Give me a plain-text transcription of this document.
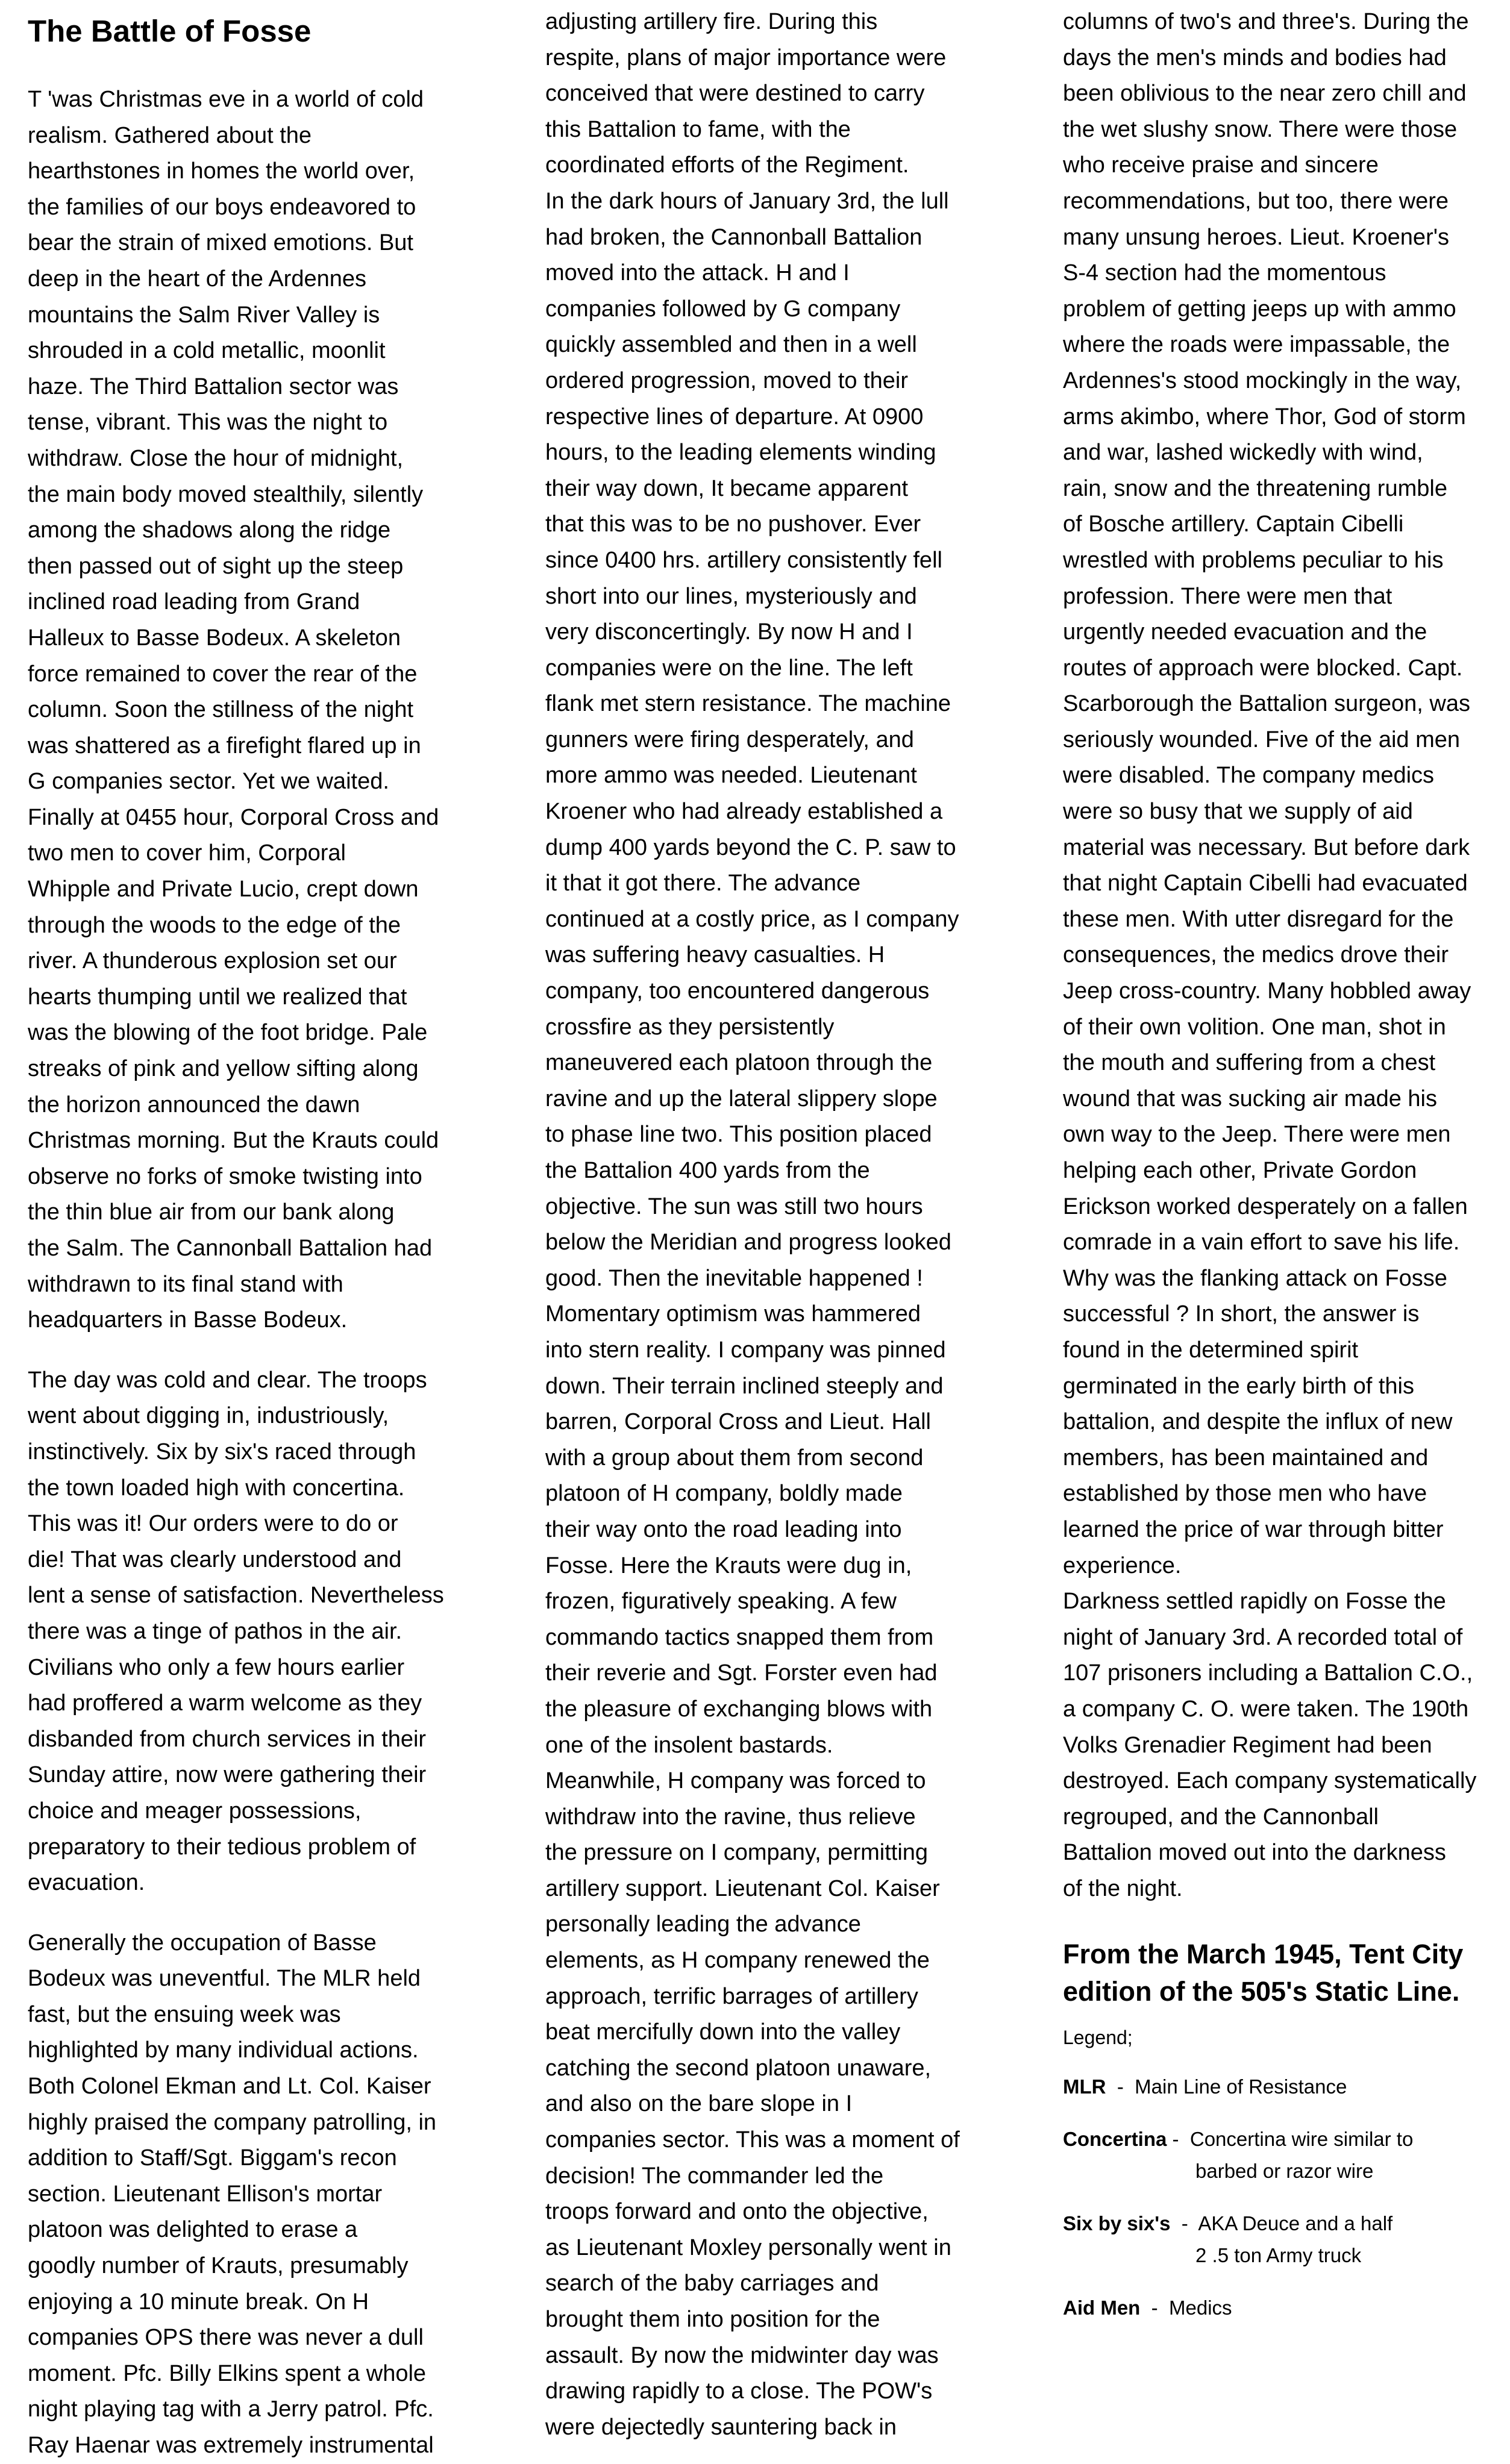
The Battle of Fosse
T 'was Christmas eve in a world of cold
realism. Gathered about the
hearthstones in homes the world over,
the families of our boys endeavored to
bear the strain of mixed emotions. But
deep in the heart of the Ardennes
mountains the Salm River Valley is
shrouded in a cold metallic, moonlit
haze. The Third Battalion sector was
tense, vibrant. This was the night to
withdraw. Close the hour of midnight,
the main body moved stealthily, silently
among the shadows along the ridge
then passed out of sight up the steep
inclined road leading from Grand
Halleux to Basse Bodeux. A skeleton
force remained to cover the rear of the
column. Soon the stillness of the night
was shattered as a firefight flared up in
G companies sector. Yet we waited.
Finally at 0455 hour, Corporal Cross and
two men to cover him, Corporal
Whipple and Private Lucio, crept down
through the woods to the edge of the
river. A thunderous explosion set our
hearts thumping until we realized that
was the blowing of the foot bridge. Pale
streaks of pink and yellow sifting along
the horizon announced the dawn
Christmas morning. But the Krauts could
observe no forks of smoke twisting into
the thin blue air from our bank along
the Salm. The Cannonball Battalion had
withdrawn to its final stand with
headquarters in Basse Bodeux.
The day was cold and clear. The troops
went about digging in, industriously,
instinctively. Six by six's raced through
the town loaded high with concertina.
This was it! Our orders were to do or
die! That was clearly understood and
lent a sense of satisfaction. Nevertheless
there was a tinge of pathos in the air.
Civilians who only a few hours earlier
had proffered a warm welcome as they
disbanded from church services in their
Sunday attire, now were gathering their
choice and meager possessions,
preparatory to their tedious problem of
evacuation.
Generally the occupation of Basse
Bodeux was uneventful. The MLR held
fast, but the ensuing week was
highlighted by many individual actions.
Both Colonel Ekman and Lt. Col. Kaiser
highly praised the company patrolling, in
addition to Staff/Sgt. Biggam's recon
section. Lieutenant Ellison's mortar
platoon was delighted to erase a
goodly number of Krauts, presumably
enjoying a 10 minute break. On H
companies OPS there was never a dull
moment. Pfc. Billy Elkins spent a whole
night playing tag with a Jerry patrol. Pfc.
Ray Haenar was extremely instrumental
adjusting artillery fire. During this
respite, plans of major importance were
conceived that were destined to carry
this Battalion to fame, with the
coordinated efforts of the Regiment.
In the dark hours of January 3rd, the lull
had broken, the Cannonball Battalion
moved into the attack. H and I
companies followed by G company
quickly assembled and then in a well
ordered progression, moved to their
respective lines of departure. At 0900
hours, to the leading elements winding
their way down, It became apparent
that this was to be no pushover. Ever
since 0400 hrs. artillery consistently fell
short into our lines, mysteriously and
very disconcertingly. By now H and I
companies were on the line. The left
flank met stern resistance. The machine
gunners were firing desperately, and
more ammo was needed. Lieutenant
Kroener who had already established a
dump 400 yards beyond the C. P. saw to
it that it got there. The advance
continued at a costly price, as I company
was suffering heavy casualties. H
company, too encountered dangerous
crossfire as they persistently
maneuvered each platoon through the
ravine and up the lateral slippery slope
to phase line two. This position placed
the Battalion 400 yards from the
objective. The sun was still two hours
below the Meridian and progress looked
good. Then the inevitable happened !
Momentary optimism was hammered
into stern reality. I company was pinned
down. Their terrain inclined steeply and
barren, Corporal Cross and Lieut. Hall
with a group about them from second
platoon of H company, boldly made
their way onto the road leading into
Fosse. Here the Krauts were dug in,
frozen, figuratively speaking. A few
commando tactics snapped them from
their reverie and Sgt. Forster even had
the pleasure of exchanging blows with
one of the insolent bastards.
Meanwhile, H company was forced to
withdraw into the ravine, thus relieve
the pressure on I company, permitting
artillery support. Lieutenant Col. Kaiser
personally leading the advance
elements, as H company renewed the
approach, terrific barrages of artillery
beat mercifully down into the valley
catching the second platoon unaware,
and also on the bare slope in I
companies sector. This was a moment of
decision! The commander led the
troops forward and onto the objective,
as Lieutenant Moxley personally went in
search of the baby carriages and
brought them into position for the
assault. By now the midwinter day was
drawing rapidly to a close. The POW's
were dejectedly sauntering back in
columns of two's and three's. During the
days the men's minds and bodies had
been oblivious to the near zero chill and
the wet slushy snow. There were those
who receive praise and sincere
recommendations, but too, there were
many unsung heroes. Lieut. Kroener's
S-4 section had the momentous
problem of getting jeeps up with ammo
where the roads were impassable, the
Ardennes's stood mockingly in the way,
arms akimbo, where Thor, God of storm
and war, lashed wickedly with wind,
rain, snow and the threatening rumble
of Bosche artillery. Captain Cibelli
wrestled with problems peculiar to his
profession. There were men that
urgently needed evacuation and the
routes of approach were blocked. Capt.
Scarborough the Battalion surgeon, was
seriously wounded. Five of the aid men
were disabled. The company medics
were so busy that we supply of aid
material was necessary. But before dark
that night Captain Cibelli had evacuated
these men. With utter disregard for the
consequences, the medics drove their
Jeep cross-country. Many hobbled away
of their own volition. One man, shot in
the mouth and suffering from a chest
wound that was sucking air made his
own way to the Jeep. There were men
helping each other, Private Gordon
Erickson worked desperately on a fallen
comrade in a vain effort to save his life.
Why was the flanking attack on Fosse
successful ? In short, the answer is
found in the determined spirit
germinated in the early birth of this
battalion, and despite the influx of new
members, has been maintained and
established by those men who have
learned the price of war through bitter
experience.
Darkness settled rapidly on Fosse the
night of January 3rd. A recorded total of
107 prisoners including a Battalion C.O.,
a company C. O. were taken. The 190th
Volks Grenadier Regiment had been
destroyed. Each company systematically
regrouped, and the Cannonball
Battalion moved out into the darkness
of the night.
From the March 1945, Tent City
edition of the 505's Static Line.
Legend;
MLR  -  Main Line of Resistance
Concertina -  Concertina wire similar to
barbed or razor wire
Six by six's  -  AKA Deuce and a half
2 .5 ton Army truck
Aid Men  -  Medics
